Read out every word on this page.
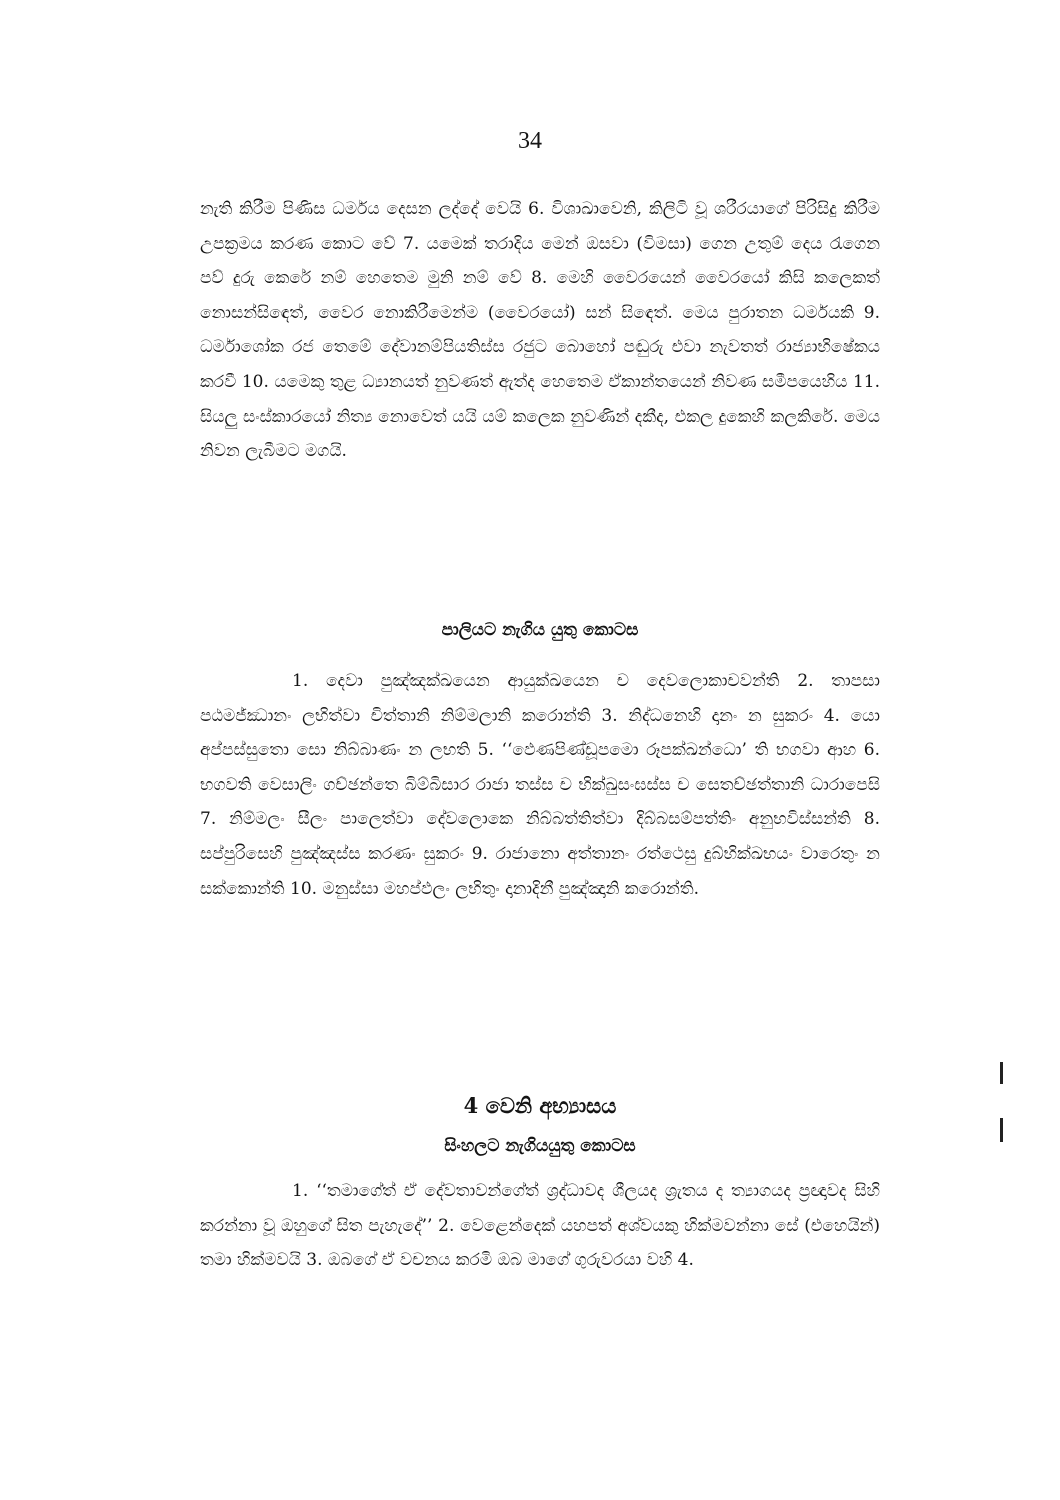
34

නැති කිරීම පිණිස ධර්මය දෙසන ලද්දේ වෙයි 6. විශාඛාවෙනි, කිලිටි වූ ශරීරයාගේ පිරිසිදු කිරීම උපක්‍රමය කරණ කොට වේ 7. යමෙක් තරාදිය මෙන් ඔසවා (විමසා) ගෙන උතුම් දෙය රැගෙන පව් දුරු කෙරේ නම් හෙතෙම මුනි නම් වේ 8. මෙහි වෛරයෙන් වෛරයෝ කිසි කලෙකත් නොසන්සිඳෙත්, වෛර නොකිරීමෙන්ම (වෛරයෝ) සන් සිඳෙත්. මෙය පුරාතන ධර්මයකි 9. ධර්මාශෝක රජ තෙමේ දේවානම්පියතිස්ස රජුට බොහෝ පඬුරු එවා නැවතත් රාජ්‍යාභිෂේකය කරවී 10. යමෙකු තුළ ධ්‍යානයත් නුවණත් ඇත්ද හෙතෙම ඒකාන්තයෙන් නිවණ සමීපයෙහිය 11. සියලු සංස්කාරයෝ නිත්‍ය නොවෙත් යයි යම් කලෙක නුවණින් දකීද, එකල දුකෙහි කලකිරේ. මෙය නිවන ලැබීමට මගයි.

පාලියට නැගිය යුතු කොටස

1. දෙවා පුඤ්ඤක්ඛයෙන ආයුක්ඛයෙන ච දෙවලොකාචවන්ති 2. තාපසා පඨමජ්ඣානං ලභිත්වා චිත්තානි නිම්මලානි කරොන්ති 3. නිද්ධනෙහි දානං න සුකරං 4. යො අප්පස්සුතො සො නිබ්බාණං න ලභති 5. ‘‘ඵෙණපිණ්ඩූපමො රූපක්ඛන්ධො’ ති භගවා ආහ 6. භගවති වෙසාලිං ගච්ඡන්තෙ බිම්බිසාර රාජා තස්ස ච භික්ඛුසංඝස්ස ච සෙතච්ඡත්තානි ධාරාපෙසි 7. නිම්මලං සීලං පාලෙත්වා දේවලොකෙ නිබ්බත්තිත්වා දිබ්බසම්පත්තිං අනුභවිස්සන්ති 8. සප්පුරිසෙහි පුඤ්ඤස්ස කරණං සුකරං 9. රාජානො අත්තානං රත්ථෙසු දුබ්භික්ඛභයං වාරෙතුං න සක්කොන්ති 10. මනුස්සා මහප්ඵලං ලභිතුං දානාදිනී පුඤ්ඤානි කරොන්ති.

4 වෙනි අභ්‍යාසය
සිංහලට නැගියයුතු කොටස

1. ‘‘තමාගේත් ඒ දේවතාවන්ගේත් ශ්‍රද්ධාවද ශීලයද ශ්‍රැතය ද ත්‍යාගයද ප්‍රඥාවද සිහි කරන්නා වූ ඔහුගේ සිත පැහැදේ’’ 2. වෙළෙන්දෙක් යහපත් අශ්වයකු හික්මවන්නා සේ (එහෙයින්) තමා හික්මවයි 3. ඔබගේ ඒ වචනය කරමි ඔබ මාගේ ගුරුවරයා වහි 4.
